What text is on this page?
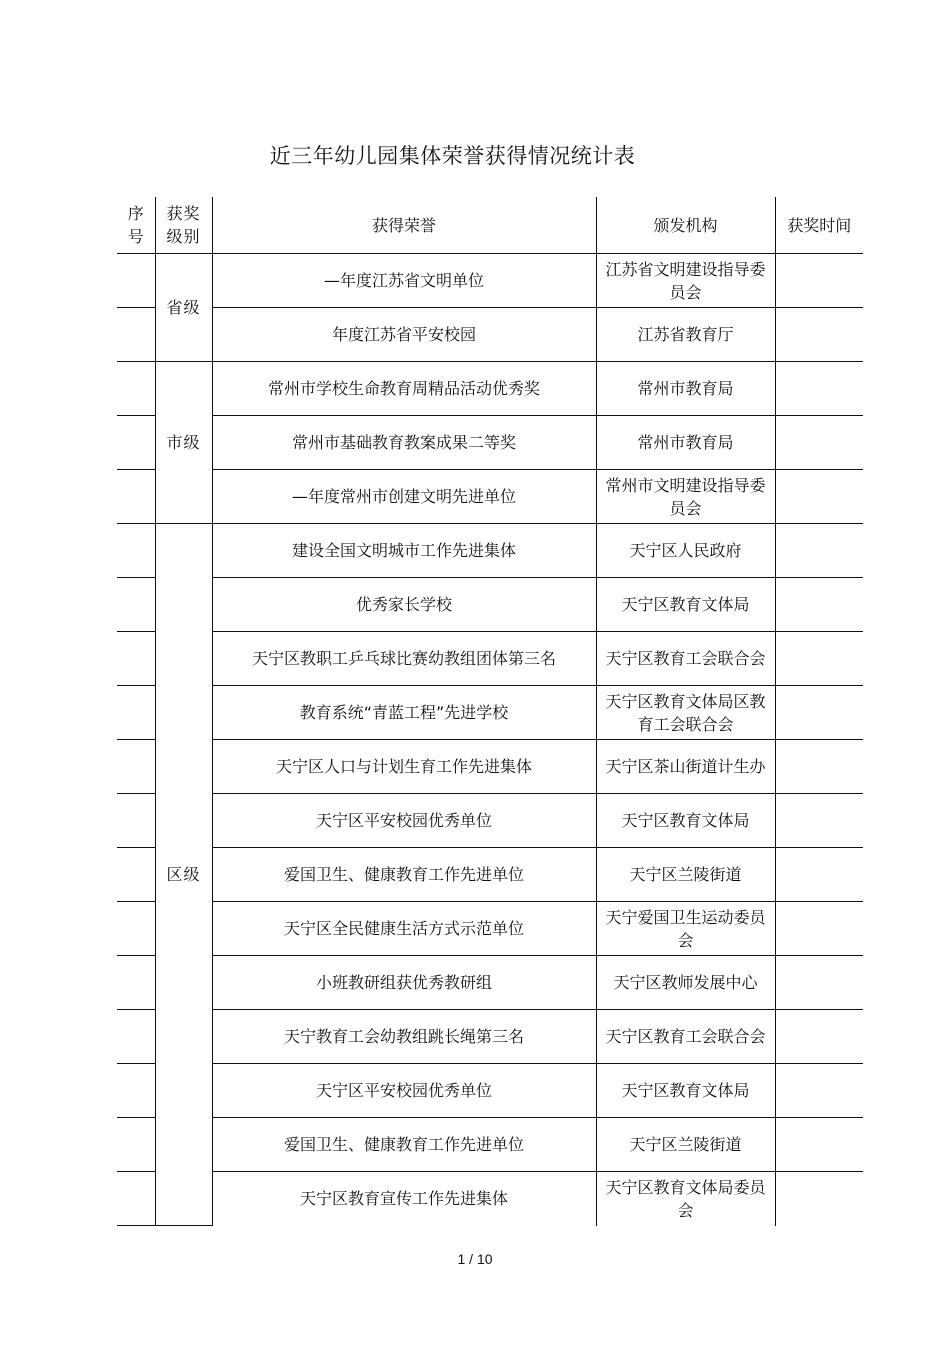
近三年幼儿园集体荣誉获得情况统计表
序号	获奖级别	获得荣誉	颁发机构	获奖时间
	省级	—年度江苏省文明单位	江苏省文明建设指导委员会	
		年度江苏省平安校园	江苏省教育厅	
	市级	常州市学校生命教育周精品活动优秀奖	常州市教育局	
		常州市基础教育教案成果二等奖	常州市教育局	
		—年度常州市创建文明先进单位	常州市文明建设指导委员会	
	区级	建设全国文明城市工作先进集体	天宁区人民政府	
		优秀家长学校	天宁区教育文体局	
		天宁区教职工乒乓球比赛幼教组团体第三名	天宁区教育工会联合会	
		教育系统“青蓝工程”先进学校	天宁区教育文体局区教育工会联合会	
		天宁区人口与计划生育工作先进集体	天宁区茶山街道计生办	
		天宁区平安校园优秀单位	天宁区教育文体局	
		爱国卫生、健康教育工作先进单位	天宁区兰陵街道	
		天宁区全民健康生活方式示范单位	天宁爱国卫生运动委员会	
		小班教研组获优秀教研组	天宁区教师发展中心	
		天宁教育工会幼教组跳长绳第三名	天宁区教育工会联合会	
		天宁区平安校园优秀单位	天宁区教育文体局	
		爱国卫生、健康教育工作先进单位	天宁区兰陵街道	
		天宁区教育宣传工作先进集体	天宁区教育文体局委员会	
1 / 10
